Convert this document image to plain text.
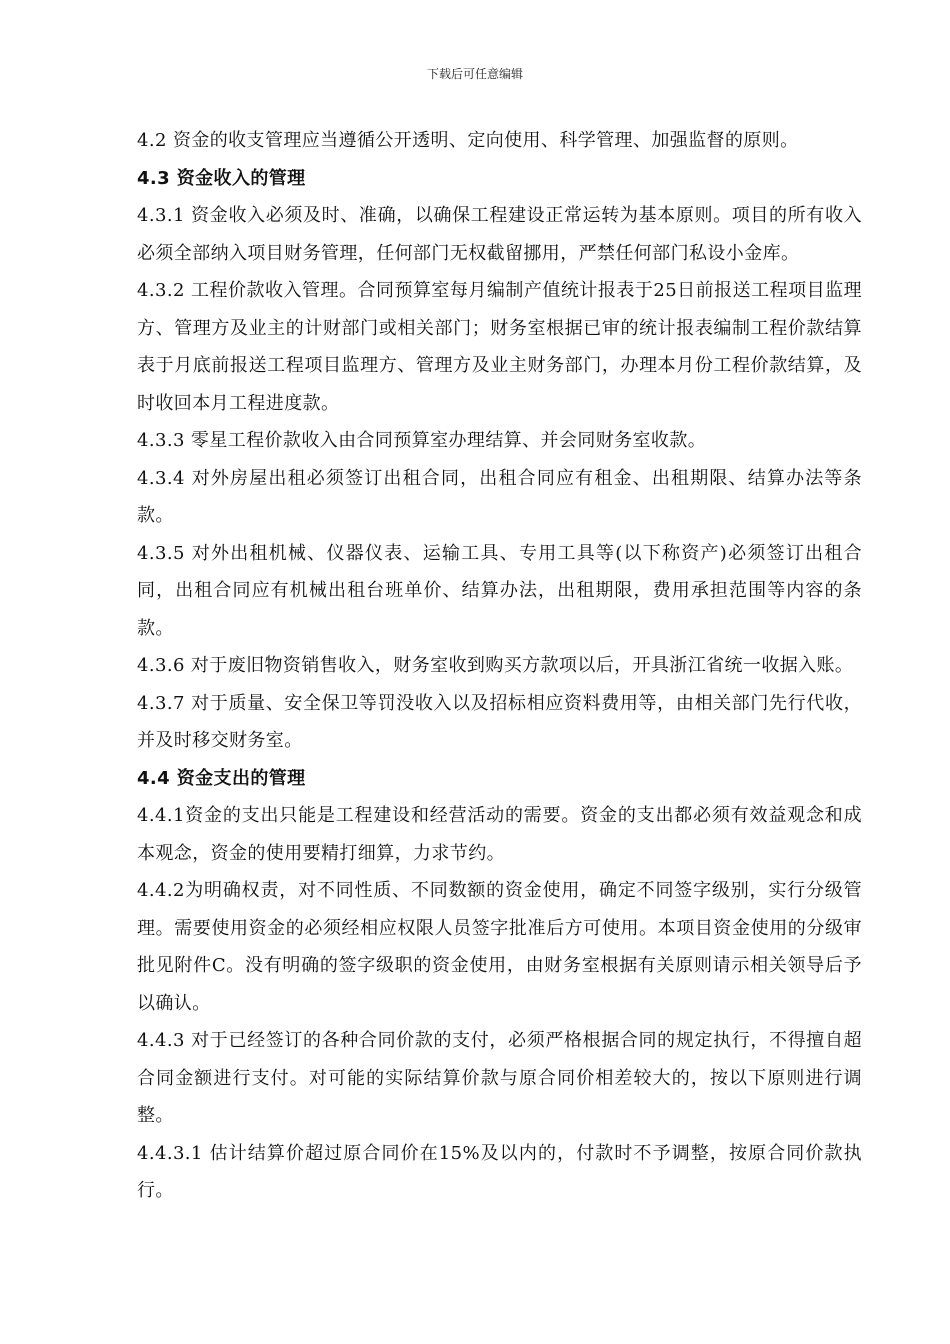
下载后可任意编辑

4.2 资金的收支管理应当遵循公开透明、定向使用、科学管理、加强监督的原则。

4.3 资金收入的管理

4.3.1 资金收入必须及时、准确，以确保工程建设正常运转为基本原则。项目的所有收入必须全部纳入项目财务管理，任何部门无权截留挪用，严禁任何部门私设小金库。

4.3.2 工程价款收入管理。合同预算室每月编制产值统计报表于25日前报送工程项目监理方、管理方及业主的计财部门或相关部门；财务室根据已审的统计报表编制工程价款结算表于月底前报送工程项目监理方、管理方及业主财务部门，办理本月份工程价款结算，及时收回本月工程进度款。

4.3.3 零星工程价款收入由合同预算室办理结算、并会同财务室收款。

4.3.4 对外房屋出租必须签订出租合同，出租合同应有租金、出租期限、结算办法等条款。

4.3.5 对外出租机械、仪器仪表、运输工具、专用工具等(以下称资产)必须签订出租合同，出租合同应有机械出租台班单价、结算办法，出租期限，费用承担范围等内容的条款。

4.3.6 对于废旧物资销售收入，财务室收到购买方款项以后，开具浙江省统一收据入账。

4.3.7 对于质量、安全保卫等罚没收入以及招标相应资料费用等，由相关部门先行代收，并及时移交财务室。

4.4 资金支出的管理

4.4.1资金的支出只能是工程建设和经营活动的需要。资金的支出都必须有效益观念和成本观念，资金的使用要精打细算，力求节约。

4.4.2为明确权责，对不同性质、不同数额的资金使用，确定不同签字级别，实行分级管理。需要使用资金的必须经相应权限人员签字批准后方可使用。本项目资金使用的分级审批见附件C。没有明确的签字级职的资金使用，由财务室根据有关原则请示相关领导后予以确认。

4.4.3 对于已经签订的各种合同价款的支付，必须严格根据合同的规定执行，不得擅自超合同金额进行支付。对可能的实际结算价款与原合同价相差较大的，按以下原则进行调整。

4.4.3.1 估计结算价超过原合同价在15%及以内的，付款时不予调整，按原合同价款执行。
